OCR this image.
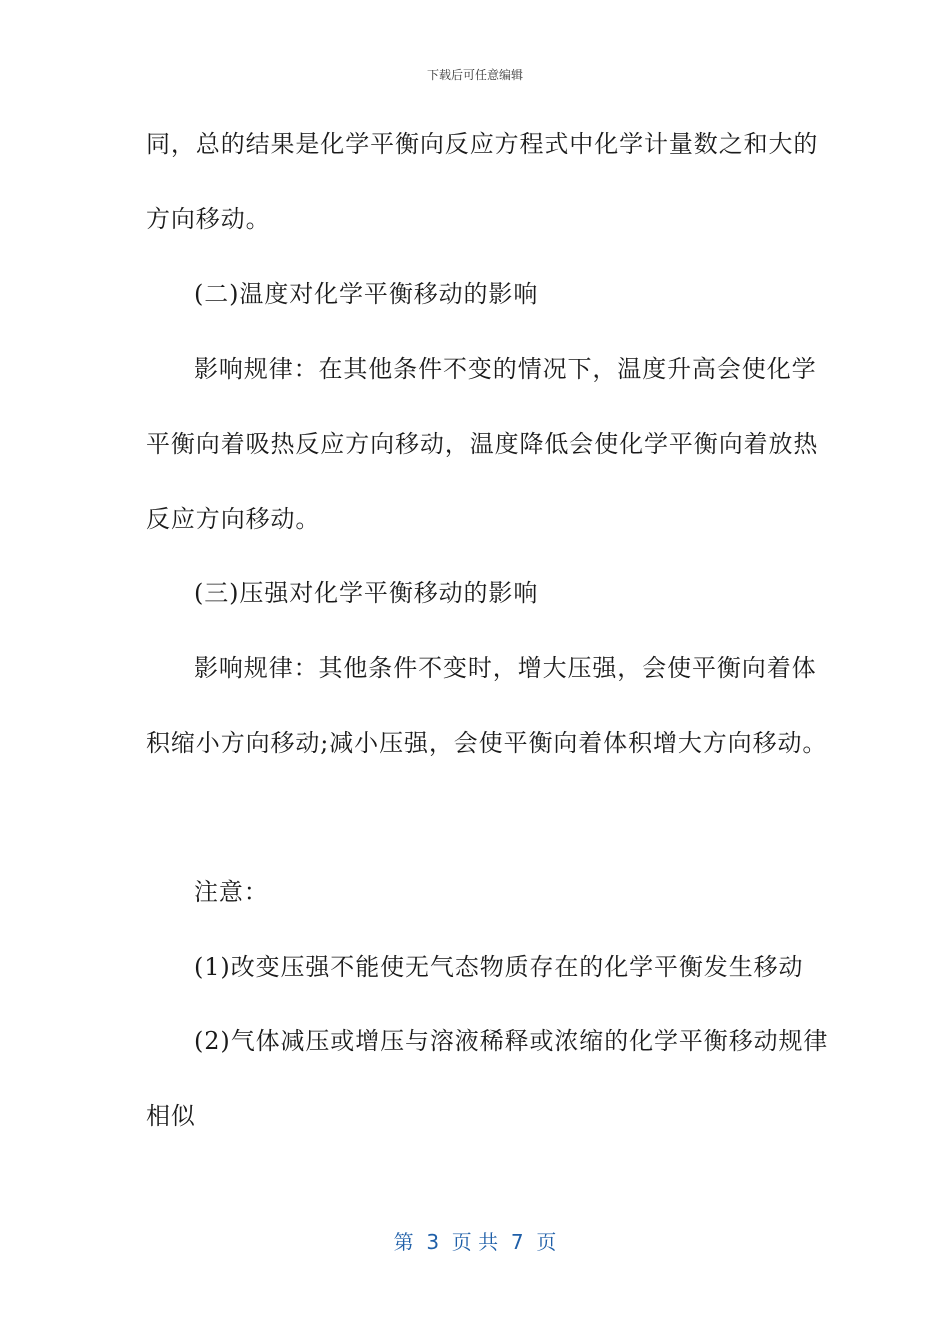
下载后可任意编辑
同，总的结果是化学平衡向反应方程式中化学计量数之和大的
方向移动。
(二)温度对化学平衡移动的影响
影响规律：在其他条件不变的情况下，温度升高会使化学
平衡向着吸热反应方向移动，温度降低会使化学平衡向着放热
反应方向移动。
(三)压强对化学平衡移动的影响
影响规律：其他条件不变时，增大压强，会使平衡向着体
积缩小方向移动;减小压强，会使平衡向着体积增大方向移动。
注意：
(1)改变压强不能使无气态物质存在的化学平衡发生移动
(2)气体减压或增压与溶液稀释或浓缩的化学平衡移动规律
相似
第  3  页 共  7  页
